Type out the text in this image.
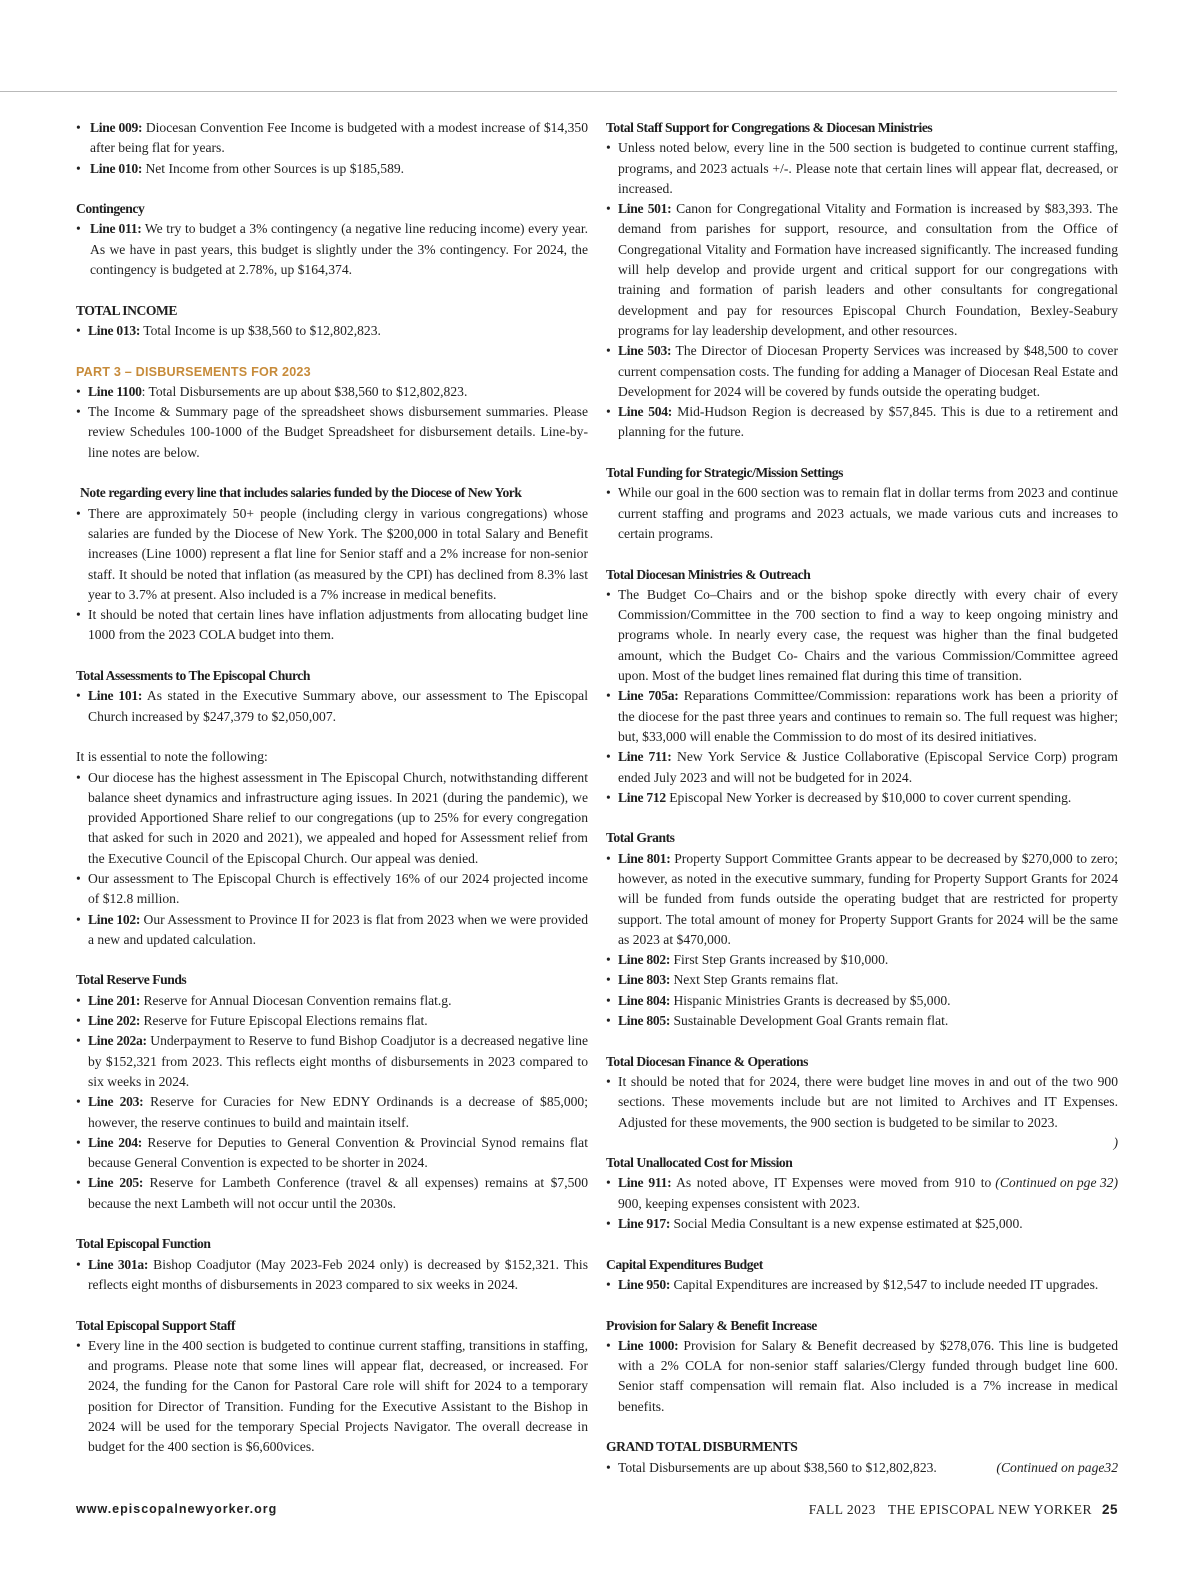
• Line 009: Diocesan Convention Fee Income is budgeted with a modest increase of $14,350 after being flat for years.
• Line 010: Net Income from other Sources is up $185,589.

Contingency

• Line 011: We try to budget a 3% contingency (a negative line reducing income) every year. As we have in past years, this budget is slightly under the 3% contingency. For 2024, the contingency is budgeted at 2.78%, up $164,374.

TOTAL INCOME

• Line 013: Total Income is up $38,560 to $12,802,823.

PART 3 – DISBURSEMENTS FOR 2023

• Line 1100: Total Disbursements are up about $38,560 to $12,802,823.
• The Income & Summary page of the spreadsheet shows disbursement summaries. Please review Schedules 100-1000 of the Budget Spreadsheet for disbursement details. Line-by-line notes are below.

Note regarding every line that includes salaries funded by the Diocese of New York

• There are approximately 50+ people (including clergy in various congregations) whose salaries are funded by the Diocese of New York. The $200,000 in total Salary and Benefit increases (Line 1000) represent a flat line for Senior staff and a 2% increase for non-senior staff. It should be noted that inflation (as measured by the CPI) has declined from 8.3% last year to 3.7% at present. Also included is a 7% increase in medical benefits.
• It should be noted that certain lines have inflation adjustments from allocating budget line 1000 from the 2023 COLA budget into them.

Total Assessments to The Episcopal Church

• Line 101: As stated in the Executive Summary above, our assessment to The Episcopal Church increased by $247,379 to $2,050,007.

It is essential to note the following:

• Our diocese has the highest assessment in The Episcopal Church, notwithstanding different balance sheet dynamics and infrastructure aging issues. In 2021 (during the pandemic), we provided Apportioned Share relief to our congregations (up to 25% for every congregation that asked for such in 2020 and 2021), we appealed and hoped for Assessment relief from the Executive Council of the Episcopal Church. Our appeal was denied.
• Our assessment to The Episcopal Church is effectively 16% of our 2024 projected income of $12.8 million.
• Line 102: Our Assessment to Province II for 2023 is flat from 2023 when we were provided a new and updated calculation.

Total Reserve Funds

• Line 201: Reserve for Annual Diocesan Convention remains flat.g.
• Line 202: Reserve for Future Episcopal Elections remains flat.
• Line 202a: Underpayment to Reserve to fund Bishop Coadjutor is a decreased negative line by $152,321 from 2023. This reflects eight months of disbursements in 2023 compared to six weeks in 2024.
• Line 203: Reserve for Curacies for New EDNY Ordinands is a decrease of $85,000; however, the reserve continues to build and maintain itself.
• Line 204: Reserve for Deputies to General Convention & Provincial Synod remains flat because General Convention is expected to be shorter in 2024.
• Line 205: Reserve for Lambeth Conference (travel & all expenses) remains at $7,500 because the next Lambeth will not occur until the 2030s.

Total Episcopal Function

• Line 301a: Bishop Coadjutor (May 2023-Feb 2024 only) is decreased by $152,321. This reflects eight months of disbursements in 2023 compared to six weeks in 2024.

Total Episcopal Support Staff

• Every line in the 400 section is budgeted to continue current staffing, transitions in staffing, and programs. Please note that some lines will appear flat, decreased, or increased. For 2024, the funding for the Canon for Pastoral Care role will shift for 2024 to a temporary position for Director of Transition. Funding for the Executive Assistant to the Bishop in 2024 will be used for the temporary Special Projects Navigator. The overall decrease in budget for the 400 section is $6,600vices.

Total Staff Support for Congregations & Diocesan Ministries

• Unless noted below, every line in the 500 section is budgeted to continue current staffing, programs, and 2023 actuals +/-. Please note that certain lines will appear flat, decreased, or increased.
• Line 501: Canon for Congregational Vitality and Formation is increased by $83,393. The demand from parishes for support, resource, and consultation from the Office of Congregational Vitality and Formation have increased significantly. The increased funding will help develop and provide urgent and critical support for our congregations with training and formation of parish leaders and other consultants for congregational development and pay for resources Episcopal Church Foundation, Bexley-Seabury programs for lay leadership development, and other resources.
• Line 503: The Director of Diocesan Property Services was increased by $48,500 to cover current compensation costs. The funding for adding a Manager of Diocesan Real Estate and Development for 2024 will be covered by funds outside the operating budget.
• Line 504: Mid-Hudson Region is decreased by $57,845. This is due to a retirement and planning for the future.

Total Funding for Strategic/Mission Settings

• While our goal in the 600 section was to remain flat in dollar terms from 2023 and continue current staffing and programs and 2023 actuals, we made various cuts and increases to certain programs.

Total Diocesan Ministries & Outreach

• The Budget Co–Chairs and or the bishop spoke directly with every chair of every Commission/Committee in the 700 section to find a way to keep ongoing ministry and programs whole. In nearly every case, the request was higher than the final budgeted amount, which the Budget Co- Chairs and the various Commission/Committee agreed upon. Most of the budget lines remained flat during this time of transition.
• Line 705a: Reparations Committee/Commission: reparations work has been a priority of the diocese for the past three years and continues to remain so. The full request was higher; but, $33,000 will enable the Commission to do most of its desired initiatives.
• Line 711: New York Service & Justice Collaborative (Episcopal Service Corp) program ended July 2023 and will not be budgeted for in 2024.
• Line 712 Episcopal New Yorker is decreased by $10,000 to cover current spending.

Total Grants

• Line 801: Property Support Committee Grants appear to be decreased by $270,000 to zero; however, as noted in the executive summary, funding for Property Support Grants for 2024 will be funded from funds outside the operating budget that are restricted for property support. The total amount of money for Property Support Grants for 2024 will be the same as 2023 at $470,000.
• Line 802: First Step Grants increased by $10,000.
• Line 803: Next Step Grants remains flat.
• Line 804: Hispanic Ministries Grants is decreased by $5,000.
• Line 805: Sustainable Development Goal Grants remain flat.

Total Diocesan Finance & Operations

• It should be noted that for 2024, there were budget line moves in and out of the two 900 sections. These movements include but are not limited to Archives and IT Expenses. Adjusted for these movements, the 900 section is budgeted to be similar to 2023.

)

Total Unallocated Cost for Mission

• (Continued on pge 32)
Line 911: As noted above, IT Expenses were moved from 910 to 900, keeping expenses consistent with 2023.
• Line 917: Social Media Consultant is a new expense estimated at $25,000.

Capital Expenditures Budget

• Line 950: Capital Expenditures are increased by $12,547 to include needed IT upgrades.

Provision for Salary & Benefit Increase

• Line 1000: Provision for Salary & Benefit decreased by $278,076. This line is budgeted with a 2% COLA for non-senior staff salaries/Clergy funded through budget line 600. Senior staff compensation will remain flat. Also included is a 7% increase in medical benefits.

GRAND TOTAL DISBURMENTS

• (Continued on page32
Total Disbursements are up about $38,560 to $12,802,823.
www.episcopalnewyorker.org	FALL 2023 THE EPISCOPAL NEW YORKER 25
